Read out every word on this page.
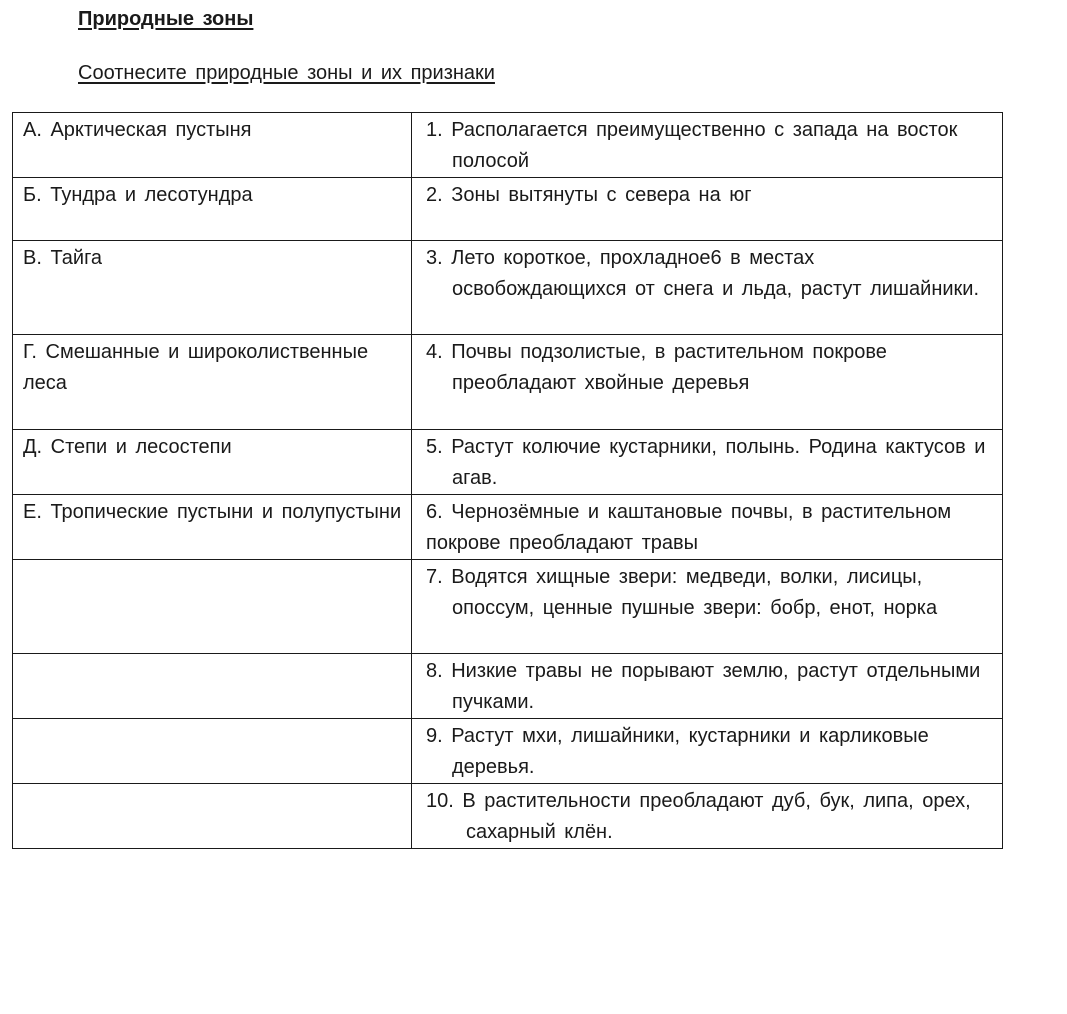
Природные зоны
Соотнесите природные зоны и их признаки
А. Арктическая пустыня	1. Располагается преимущественно с запада на восток полосой

Б. Тундра и лесотундра	2. Зоны вытянуты с севера на юг

В. Тайга	3. Лето короткое, прохладное6 в местах освобождающихся от снега и льда, растут лишайники.

Г. Смешанные и широколиственные леса	4. Почвы подзолистые, в растительном покрове преобладают хвойные деревья

Д. Степи и лесостепи	5. Растут колючие кустарники, полынь. Родина кактусов и агав.

Е. Тропические пустыни и полупустыни	6. Чернозёмные и каштановые почвы, в растительном покрове преобладают травы

	7. Водятся хищные звери: медведи, волки, лисицы, опоссум, ценные пушные звери: бобр, енот, норка

	8. Низкие травы не порывают землю, растут отдельными пучками.

	9. Растут мхи, лишайники, кустарники и карликовые деревья.

	10. В растительности преобладают дуб, бук, липа, орех, сахарный клён.
